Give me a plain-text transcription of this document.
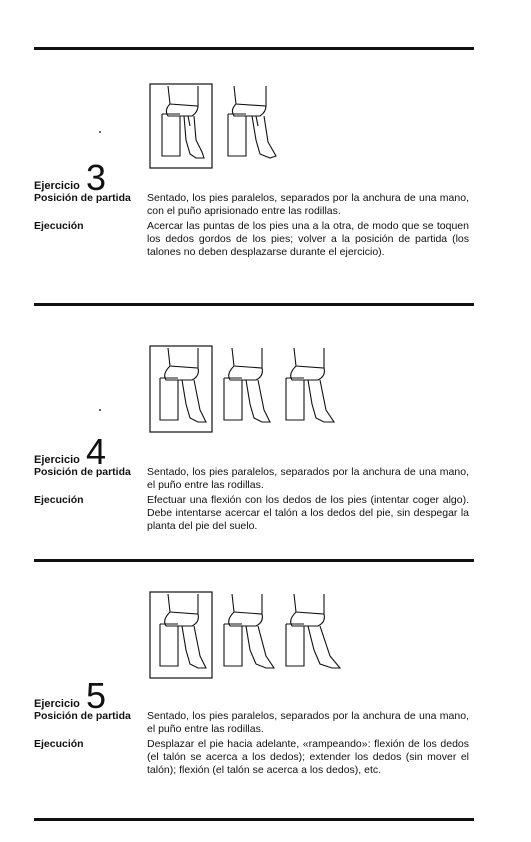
Ejercicio 3
Posición de partida	Sentado, los pies paralelos, separados por la anchura de una mano, con el puño aprisionado entre las rodillas.
Ejecución	Acercar las puntas de los pies una a la otra, de modo que se toquen los dedos gordos de los pies; volver a la posición de partida (los talones no deben desplazarse durante el ejercicio).
Ejercicio 4
Posición de partida	Sentado, los pies paralelos, separados por la anchura de una mano, el puño entre las rodillas.
Ejecución	Efectuar una flexión con los dedos de los pies (intentar coger algo). Debe intentarse acercar el talón a los dedos del pie, sin despegar la planta del pie del suelo.
Ejercicio 5
Posición de partida	Sentado, los pies paralelos, separados por la anchura de una mano, el puño entre las rodillas.
Ejecución	Desplazar el pie hacia adelante, «rampeando»: flexión de los dedos (el talón se acerca a los dedos); extender los dedos (sin mover el talón); flexión (el talón se acerca a los dedos), etc.
